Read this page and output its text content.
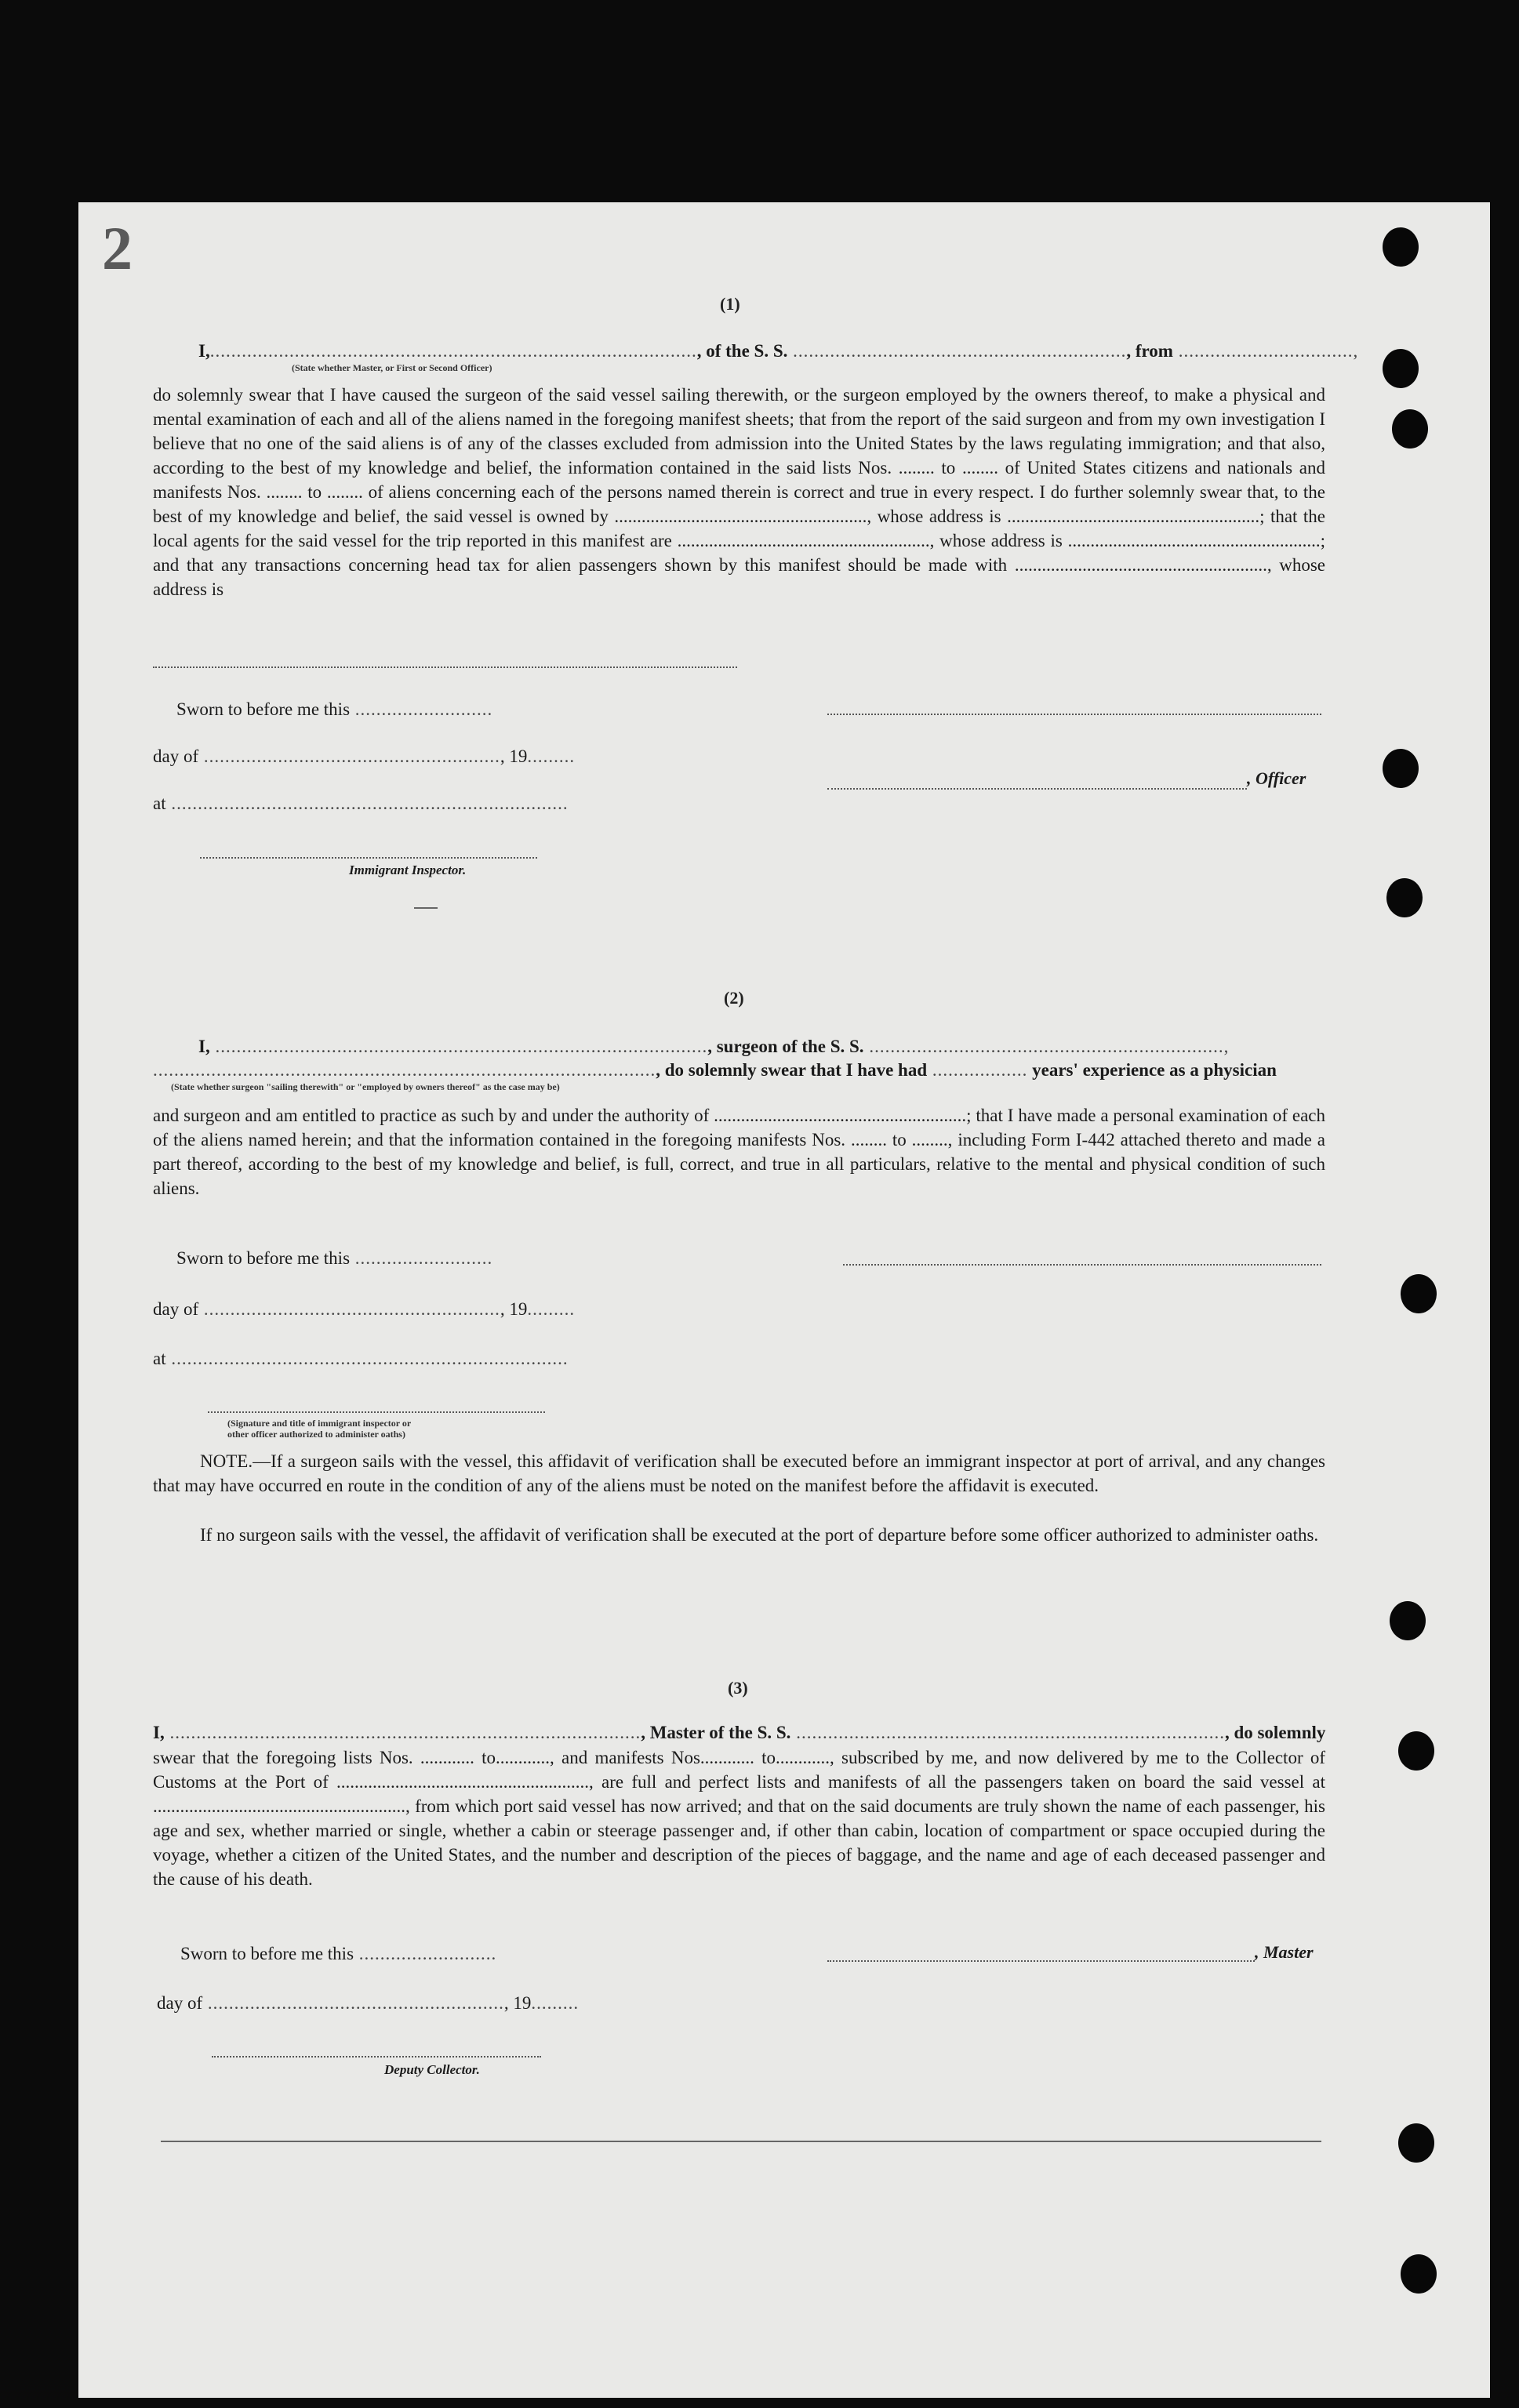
2
(1)
I,............................................................................................, of the S. S. ..............................................................., from .................................,
(State whether Master, or First or Second Officer)
do solemnly swear that I have caused the surgeon of the said vessel sailing therewith, or the surgeon employed by the owners thereof, to make a physical and mental examination of each and all of the aliens named in the foregoing manifest sheets; that from the report of the said surgeon and from my own investigation I believe that no one of the said aliens is of any of the classes excluded from admission into the United States by the laws regulating immigration; and that also, according to the best of my knowledge and belief, the information contained in the said lists Nos. ........ to ........ of United States citizens and nationals and manifests Nos. ........ to ........ of aliens concerning each of the persons named therein is correct and true in every respect. I do further solemnly swear that, to the best of my knowledge and belief, the said vessel is owned by ........................................................, whose address is ........................................................; that the local agents for the said vessel for the trip reported in this manifest are ........................................................, whose address is ........................................................; and that any transactions concerning head tax for alien passengers shown by this manifest should be made with ........................................................, whose address is
Sworn to before me this ..........................
day of ........................................................, 19.........
, Officer
at ...........................................................................
Immigrant Inspector.
(2)
I, ............................................................................................., surgeon of the S. S. ...................................................................,
..............................................................................................., do solemnly swear that I have had .................. years' experience as a physician
(State whether surgeon "sailing therewith" or "employed by owners thereof" as the case may be)
and surgeon and am entitled to practice as such by and under the authority of ........................................................; that I have made a personal examination of each of the aliens named herein; and that the information contained in the foregoing manifests Nos. ........ to ........, including Form I-442 attached thereto and made a part thereof, according to the best of my knowledge and belief, is full, correct, and true in all particulars, relative to the mental and physical condition of such aliens.
Sworn to before me this ..........................
day of ........................................................, 19.........
at ...........................................................................
(Signature and title of immigrant inspector or
other officer authorized to administer oaths)
NOTE.—If a surgeon sails with the vessel, this affidavit of verification shall be executed before an immigrant inspector at port of arrival, and any changes that may have occurred en route in the condition of any of the aliens must be noted on the manifest before the affidavit is executed.
If no surgeon sails with the vessel, the affidavit of verification shall be executed at the port of departure before some officer authorized to administer oaths.
(3)
I, ........................................................................................., Master of the S. S. ................................................................................., do solemnly
swear that the foregoing lists Nos. ............ to............, and manifests Nos............ to............, subscribed by me, and now delivered by me to the Collector of Customs at the Port of ........................................................, are full and perfect lists and manifests of all the passengers taken on board the said vessel at ........................................................, from which port said vessel has now arrived; and that on the said documents are truly shown the name of each passenger, his age and sex, whether married or single, whether a cabin or steerage passenger and, if other than cabin, location of compartment or space occupied during the voyage, whether a citizen of the United States, and the number and description of the pieces of baggage, and the name and age of each deceased passenger and the cause of his death.
Sworn to before me this ..........................	, Master
day of ........................................................, 19.........
Deputy Collector.
